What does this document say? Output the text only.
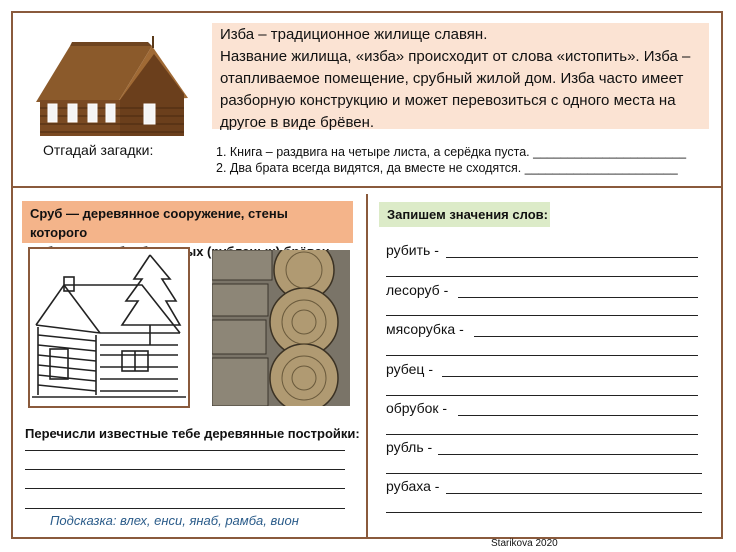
Изба – традиционное жилище славян.
Название жилища, «изба» происходит от слова «истопить». Изба –
отапливаемое помещение, срубный жилой дом. Изба часто имеет
разборную конструкцию и может перевозиться с одного места на
другое в виде брёвен.
Отгадай загадки:	1. Книга – раздвига на четыре листа, а серёдка пуста. ______________________
2. Два брата всегда видятся, да вместе не сходятся. ______________________
Сруб — деревянное сооружение, стены которого
Перечисли известные тебе деревянные постройки:
Подсказка: влех, енси, янаб, рамба, вион
Запишем значения слов:
рубить -
лесоруб -
мясорубка -
рубец -
обрубок -
рубль -
рубаха -
Starikova 2020
